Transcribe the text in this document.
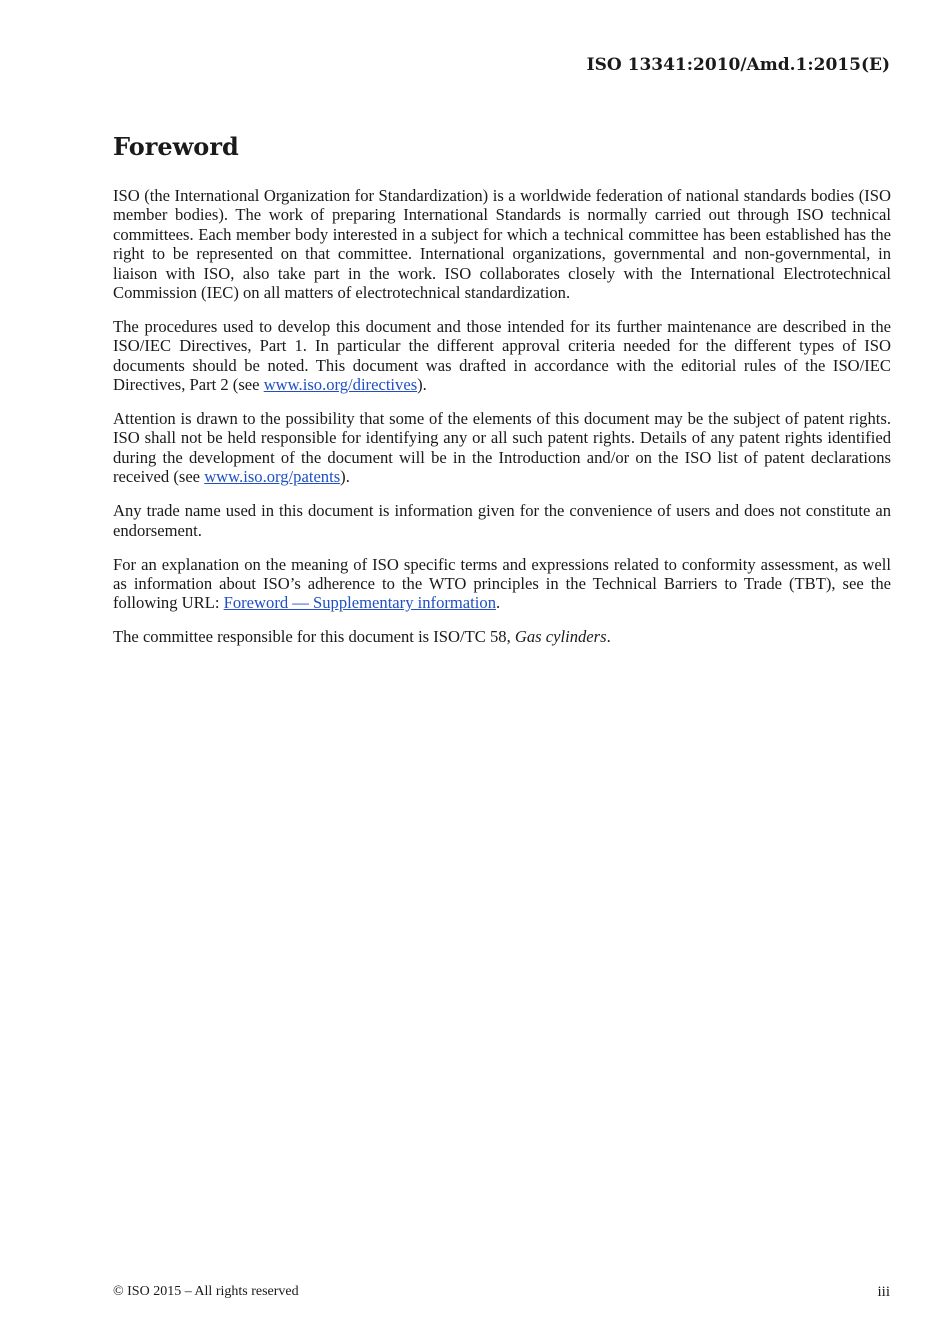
ISO 13341:2010/Amd.1:2015(E)
Foreword

ISO (the International Organization for Standardization) is a worldwide federation of national standards bodies (ISO member bodies). The work of preparing International Standards is normally carried out through ISO technical committees. Each member body interested in a subject for which a technical committee has been established has the right to be represented on that committee. International organizations, governmental and non-governmental, in liaison with ISO, also take part in the work. ISO collaborates closely with the International Electrotechnical Commission (IEC) on all matters of electrotechnical standardization.

The procedures used to develop this document and those intended for its further maintenance are described in the ISO/IEC Directives, Part 1. In particular the different approval criteria needed for the different types of ISO documents should be noted. This document was drafted in accordance with the editorial rules of the ISO/IEC Directives, Part 2 (see www.iso.org/directives).

Attention is drawn to the possibility that some of the elements of this document may be the subject of patent rights. ISO shall not be held responsible for identifying any or all such patent rights. Details of any patent rights identified during the development of the document will be in the Introduction and/or on the ISO list of patent declarations received (see www.iso.org/patents).

Any trade name used in this document is information given for the convenience of users and does not constitute an endorsement.

For an explanation on the meaning of ISO specific terms and expressions related to conformity assessment, as well as information about ISO’s adherence to the WTO principles in the Technical Barriers to Trade (TBT), see the following URL: Foreword — Supplementary information.

The committee responsible for this document is ISO/TC 58, Gas cylinders.

© ISO 2015 – All rights reserved	iii
